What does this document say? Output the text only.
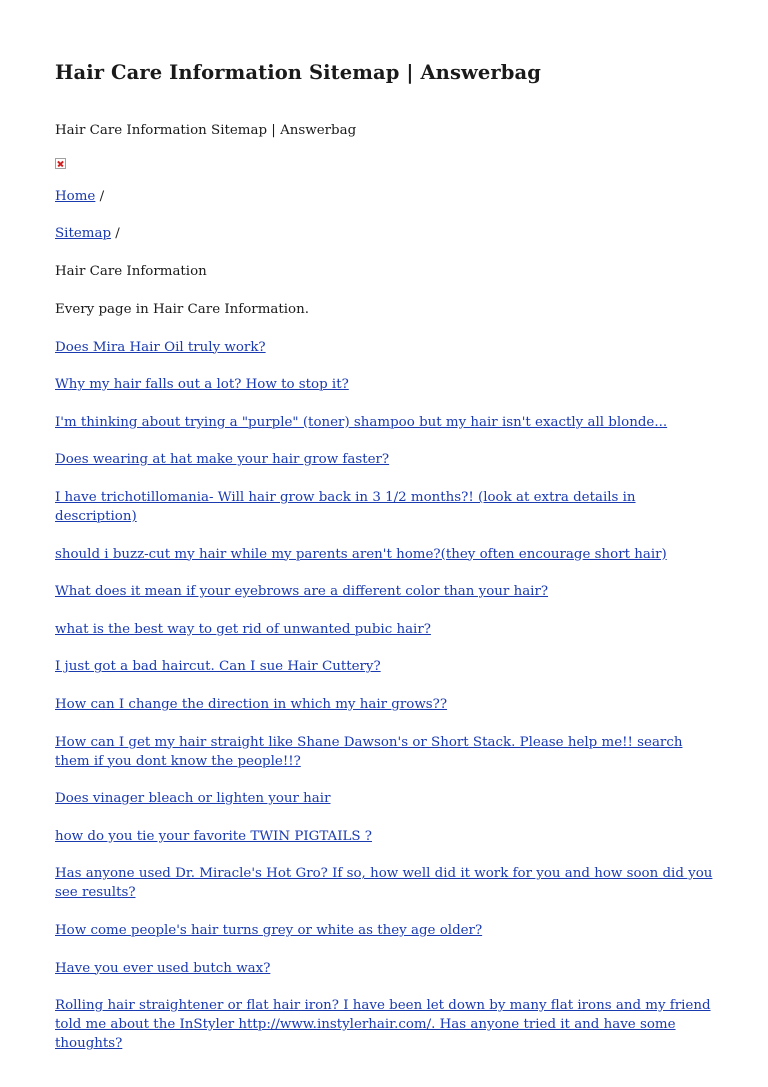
Hair Care Information Sitemap | Answerbag
Hair Care Information Sitemap | Answerbag
Home /
Sitemap /
Hair Care Information
Every page in Hair Care Information.
Does Mira Hair Oil truly work?
Why my hair falls out a lot? How to stop it?
I'm thinking about trying a "purple" (toner) shampoo but my hair isn't exactly all blonde...
Does wearing at hat make your hair grow faster?
I have trichotillomania- Will hair grow back in 3 1/2 months?! (look at extra details in description)
should i buzz-cut my hair while my parents aren't home?(they often encourage short hair)
What does it mean if your eyebrows are a different color than your hair?
what is the best way to get rid of unwanted pubic hair?
I just got a bad haircut. Can I sue Hair Cuttery?
How can I change the direction in which my hair grows??
How can I get my hair straight like Shane Dawson's or Short Stack. Please help me!! search them if you dont know the people!!?
Does vinager bleach or lighten your hair
how do you tie your favorite TWIN PIGTAILS ?
Has anyone used Dr. Miracle's Hot Gro? If so, how well did it work for you and how soon did you see results?
How come people's hair turns grey or white as they age older?
Have you ever used butch wax?
Rolling hair straightener or flat hair iron? I have been let down by many flat irons and my friend told me about the InStyler http://www.instylerhair.com/. Has anyone tried it and have some thoughts?
